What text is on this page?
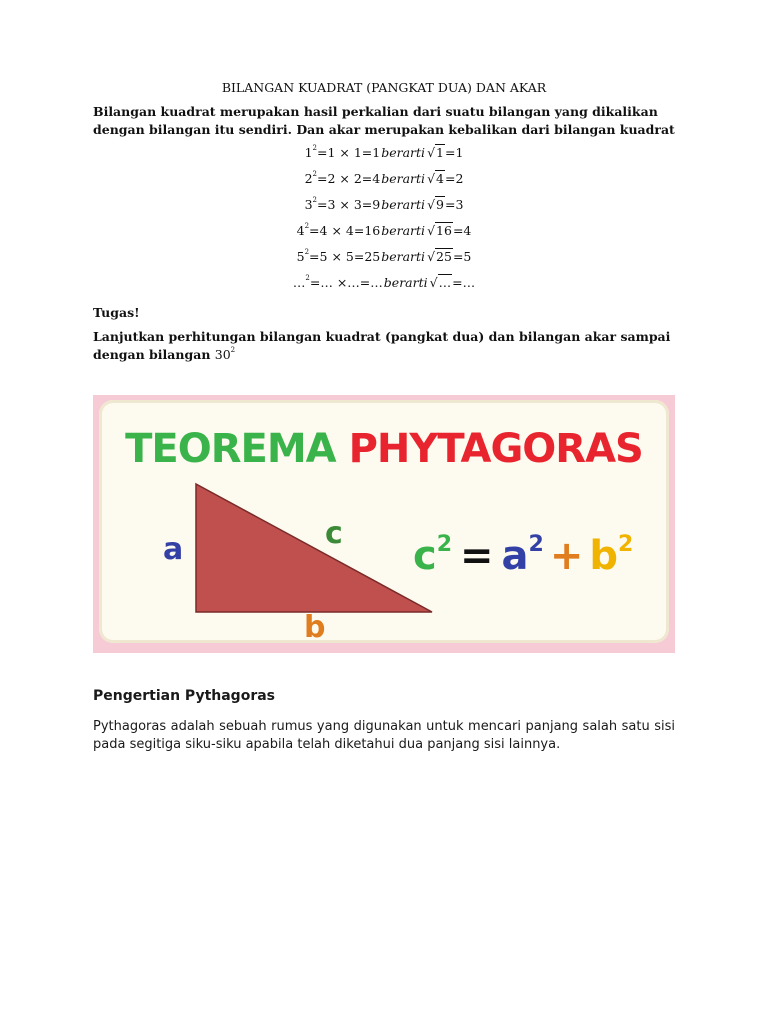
BILANGAN KUADRAT (PANGKAT DUA) DAN AKAR
Bilangan kuadrat merupakan hasil perkalian dari suatu bilangan yang dikalikan dengan bilangan itu sendiri. Dan akar merupakan kebalikan dari bilangan kuadrat
$1^2=1$ × 1=1berarti √1=1
$2^2=2$ × 2=4berarti √4=2
$3^2=3$ × 3=9berarti √9=3
$4^2=4$ × 4=16berarti √16=4
$5^2=5$ × 5=25berarti √25=5
…$^2$=… ×…=…berarti √…=…
Tugas!
Lanjutkan perhitungan bilangan kuadrat (pangkat dua) dan bilangan akar sampai dengan bilangan $30^2$
TEOREMA PHYTAGORAS
a	c
b
$c^2 = a^2 + b^2$
Pengertian Pythagoras
Pythagoras adalah sebuah rumus yang digunakan untuk mencari panjang salah satu sisi pada segitiga siku-siku apabila telah diketahui dua panjang sisi lainnya.
